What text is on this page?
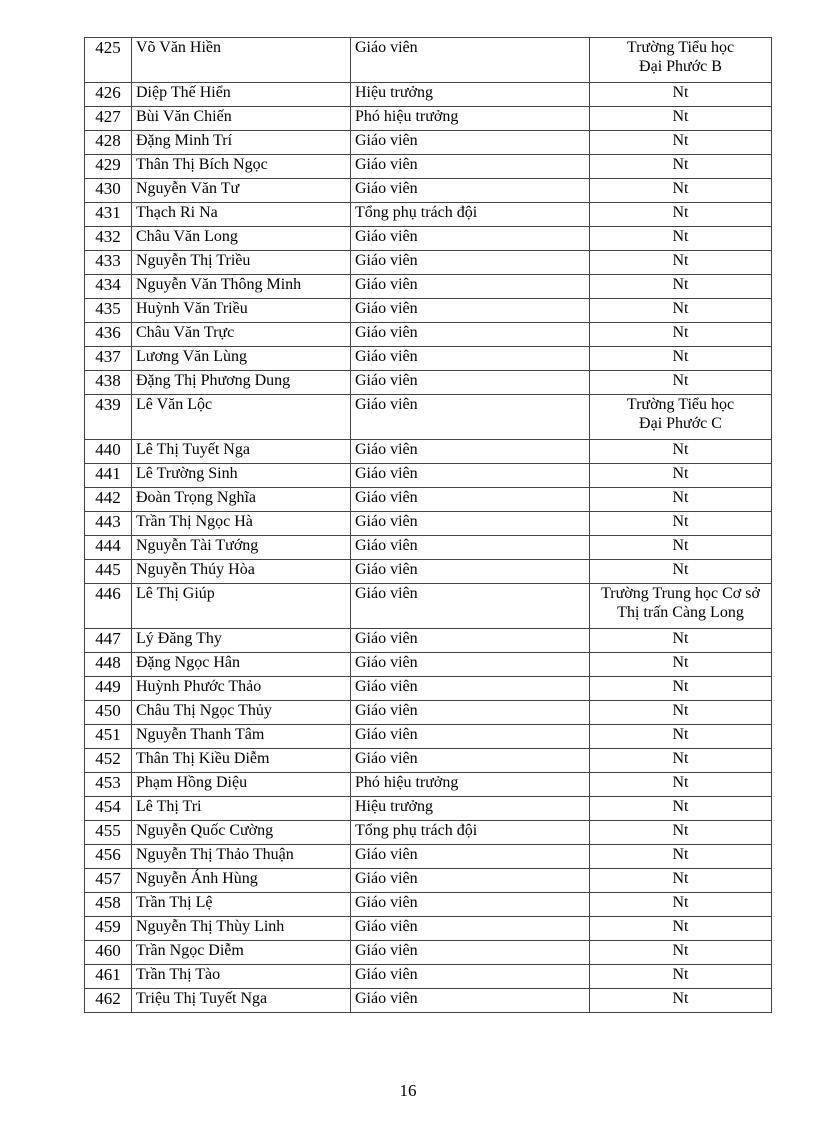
425	Võ Văn Hiền	Giáo viên	Trường Tiểu học
Đại Phước B

426	Diệp Thế Hiển	Hiệu trưởng	Nt

427	Bùi Văn Chiến	Phó hiệu trưởng	Nt

428	Đặng Minh Trí	Giáo viên	Nt

429	Thân Thị Bích Ngọc	Giáo viên	Nt

430	Nguyễn Văn Tư	Giáo viên	Nt

431	Thạch Ri Na	Tổng phụ trách đội	Nt

432	Châu Văn Long	Giáo viên	Nt

433	Nguyễn Thị Triều	Giáo viên	Nt

434	Nguyễn Văn Thông Minh	Giáo viên	Nt

435	Huỳnh Văn Triều	Giáo viên	Nt

436	Châu Văn Trực	Giáo viên	Nt

437	Lương Văn Lùng	Giáo viên	Nt

438	Đặng Thị Phương Dung	Giáo viên	Nt

439	Lê Văn Lộc	Giáo viên	Trường Tiểu học
Đại Phước C

440	Lê Thị Tuyết Nga	Giáo viên	Nt

441	Lê Trường Sinh	Giáo viên	Nt

442	Đoàn Trọng Nghĩa	Giáo viên	Nt

443	Trần Thị Ngọc Hà	Giáo viên	Nt

444	Nguyễn Tài Tướng	Giáo viên	Nt

445	Nguyễn Thúy Hòa	Giáo viên	Nt

446	Lê Thị Giúp	Giáo viên	Trường Trung học Cơ sở
Thị trấn Càng Long

447	Lý Đăng Thy	Giáo viên	Nt

448	Đặng Ngọc Hân	Giáo viên	Nt

449	Huỳnh Phước Thảo	Giáo viên	Nt

450	Châu Thị Ngọc Thủy	Giáo viên	Nt

451	Nguyễn Thanh Tâm	Giáo viên	Nt

452	Thân Thị Kiều Diễm	Giáo viên	Nt

453	Phạm Hồng Diệu	Phó hiệu trưởng	Nt

454	Lê Thị Tri	Hiệu trưởng	Nt

455	Nguyễn Quốc Cường	Tổng phụ trách đội	Nt

456	Nguyễn Thị Thảo Thuận	Giáo viên	Nt

457	Nguyễn Ánh Hùng	Giáo viên	Nt

458	Trần Thị Lệ	Giáo viên	Nt

459	Nguyễn Thị Thùy Linh	Giáo viên	Nt

460	Trần Ngọc Diễm	Giáo viên	Nt

461	Trần Thị Tào	Giáo viên	Nt

462	Triệu Thị Tuyết Nga	Giáo viên	Nt
16
